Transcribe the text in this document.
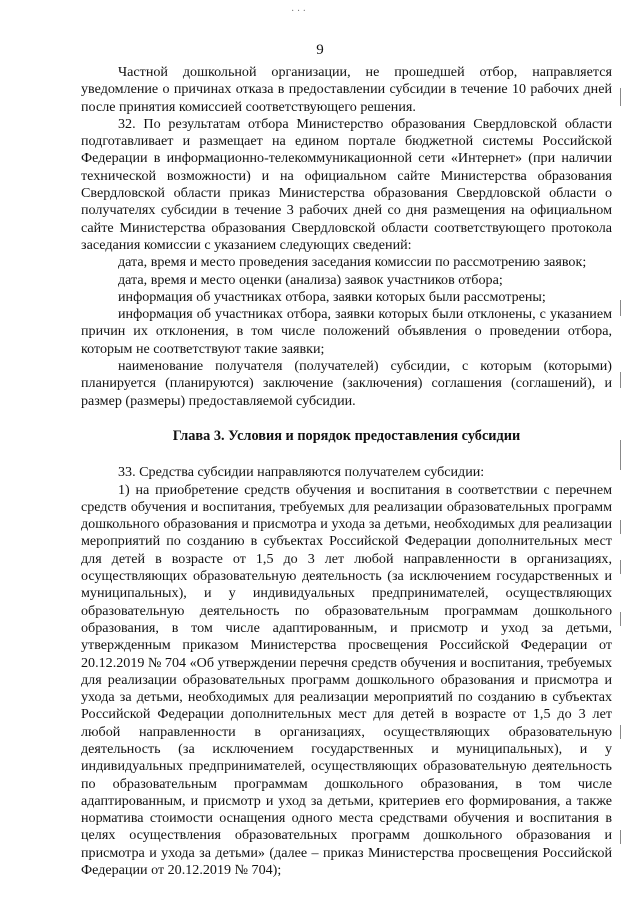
· · ·
9

Частной дошкольной организации, не прошедшей отбор, направляется уведомление о причинах отказа в предоставлении субсидии в течение 10 рабочих дней после принятия комиссией соответствующего решения.

32. По результатам отбора Министерство образования Свердловской области подготавливает и размещает на едином портале бюджетной системы Российской Федерации в информационно-телекоммуникационной сети «Интернет» (при наличии технической возможности) и на официальном сайте Министерства образования Свердловской области приказ Министерства образования Свердловской области о получателях субсидии в течение 3 рабочих дней со дня размещения на официальном сайте Министерства образования Свердловской области соответствующего протокола заседания комиссии с указанием следующих сведений:

дата, время и место проведения заседания комиссии по рассмотрению заявок;

дата, время и место оценки (анализа) заявок участников отбора;

информация об участниках отбора, заявки которых были рассмотрены;

информация об участниках отбора, заявки которых были отклонены, с указанием причин их отклонения, в том числе положений объявления о проведении отбора, которым не соответствуют такие заявки;

наименование получателя (получателей) субсидии, с которым (которыми) планируется (планируются) заключение (заключения) соглашения (соглашений), и размер (размеры) предоставляемой субсидии.

Глава 3. Условия и порядок предоставления субсидии

33. Средства субсидии направляются получателем субсидии:

1) на приобретение средств обучения и воспитания в соответствии с перечнем средств обучения и воспитания, требуемых для реализации образовательных программ дошкольного образования и присмотра и ухода за детьми, необходимых для реализации мероприятий по созданию в субъектах Российской Федерации дополнительных мест для детей в возрасте от 1,5 до 3 лет любой направленности в организациях, осуществляющих образовательную деятельность (за исключением государственных и муниципальных), и у индивидуальных предпринимателей, осуществляющих образовательную деятельность по образовательным программам дошкольного образования, в том числе адаптированным, и присмотр и уход за детьми, утвержденным приказом Министерства просвещения Российской Федерации от 20.12.2019 № 704 «Об утверждении перечня средств обучения и воспитания, требуемых для реализации образовательных программ дошкольного образования и присмотра и ухода за детьми, необходимых для реализации мероприятий по созданию в субъектах Российской Федерации дополнительных мест для детей в возрасте от 1,5 до 3 лет любой направленности в организациях, осуществляющих образовательную деятельность (за исключением государственных и муниципальных), и у индивидуальных предпринимателей, осуществляющих образовательную деятельность по образовательным программам дошкольного образования, в том числе адаптированным, и присмотр и уход за детьми, критериев его формирования, а также норматива стоимости оснащения одного места средствами обучения и воспитания в целях осуществления образовательных программ дошкольного образования и присмотра и ухода за детьми» (далее – приказ Министерства просвещения Российской Федерации от 20.12.2019 № 704);
